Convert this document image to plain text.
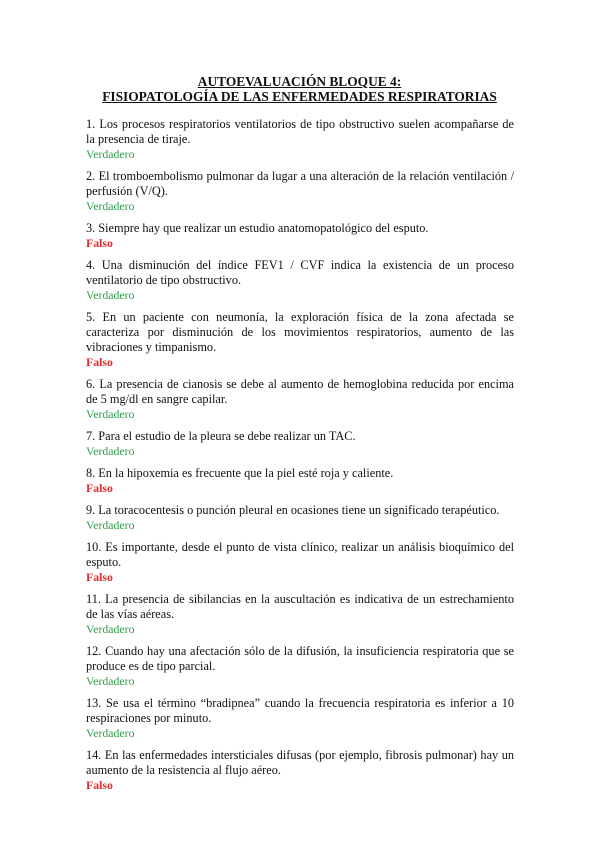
AUTOEVALUACIÓN BLOQUE 4:
FISIOPATOLOGÍA DE LAS ENFERMEDADES RESPIRATORIAS
1. Los procesos respiratorios ventilatorios de tipo obstructivo suelen acompañarse de la presencia de tiraje.
Verdadero
2. El tromboembolismo pulmonar da lugar a una alteración de la relación ventilación / perfusión (V/Q).
Verdadero
3. Siempre hay que realizar un estudio anatomopatológico del esputo.
Falso
4. Una disminución del índice FEV1 / CVF indica la existencia de un proceso ventilatorio de tipo obstructivo.
Verdadero
5. En un paciente con neumonía, la exploración física de la zona afectada se caracteriza por disminución de los movimientos respiratorios, aumento de las vibraciones y timpanismo.
Falso
6. La presencia de cianosis se debe al aumento de hemoglobina reducida por encima de 5 mg/dl en sangre capilar.
Verdadero
7. Para el estudio de la pleura se debe realizar un TAC.
Verdadero
8. En la hipoxemia es frecuente que la piel esté roja y caliente.
Falso
9. La toracocentesis o punción pleural en ocasiones tiene un significado terapéutico.
Verdadero
10. Es importante, desde el punto de vista clínico, realizar un análisis bioquímico del esputo.
Falso
11. La presencia de sibilancias en la auscultación es indicativa de un estrechamiento de las vías aéreas.
Verdadero
12. Cuando hay una afectación sólo de la difusión, la insuficiencia respiratoria que se produce es de tipo parcial.
Verdadero
13. Se usa el término “bradipnea” cuando la frecuencia respiratoria es inferior a 10 respiraciones por minuto.
Verdadero
14. En las enfermedades intersticiales difusas (por ejemplo, fibrosis pulmonar) hay un aumento de la resistencia al flujo aéreo.
Falso
